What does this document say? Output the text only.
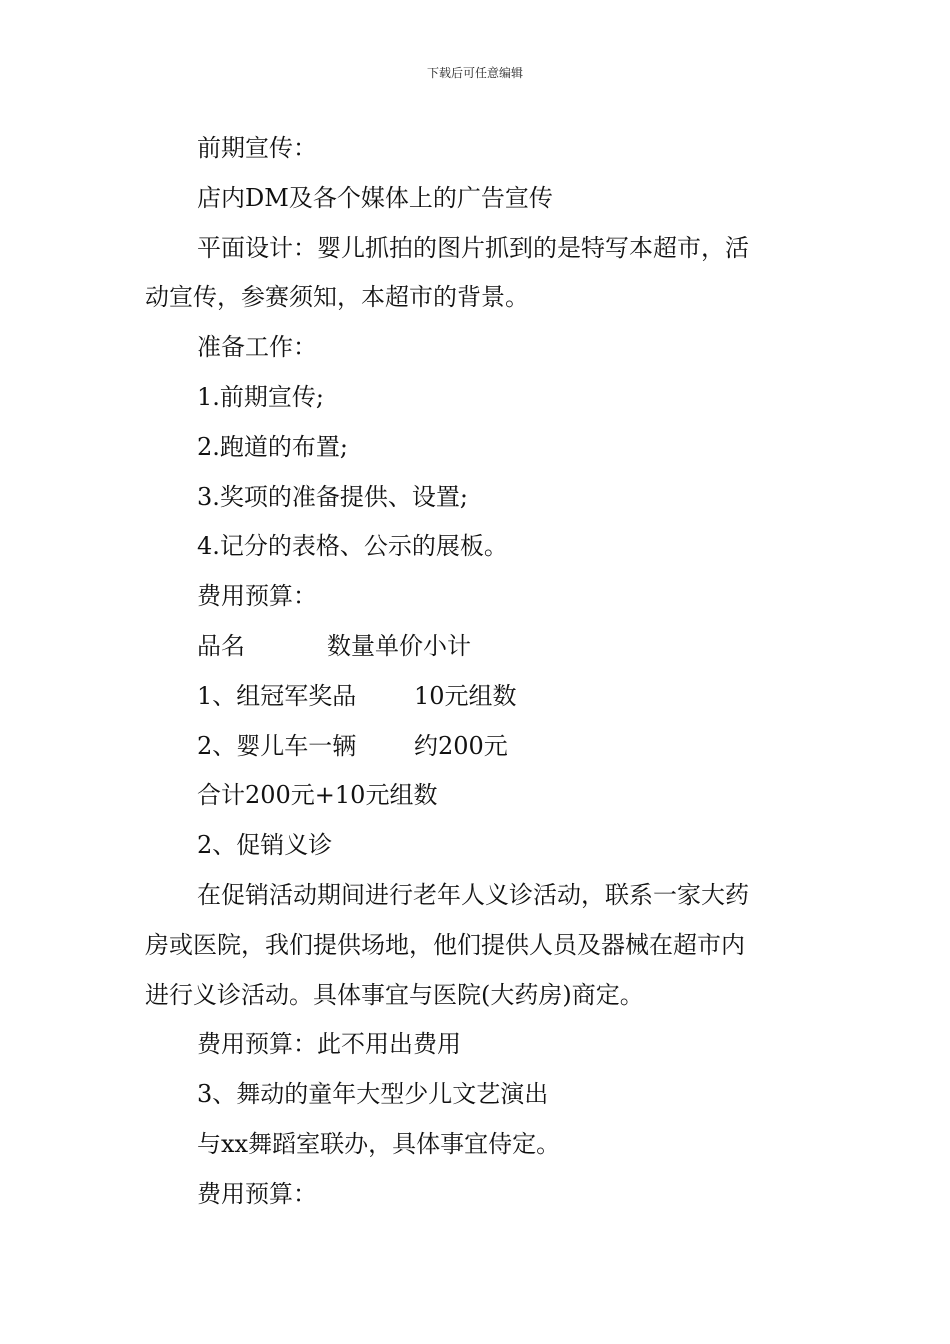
下载后可任意编辑
前期宣传：
店内DM及各个媒体上的广告宣传
平面设计：婴儿抓拍的图片抓到的是特写本超市，活
动宣传，参赛须知，本超市的背景。
准备工作：
1.前期宣传;
2.跑道的布置;
3.奖项的准备提供、设置;
4.记分的表格、公示的展板。
费用预算：
品名	数量单价小计
1、组冠军奖品	10元组数
2、婴儿车一辆	约200元
合计200元+10元组数
2、促销义诊
在促销活动期间进行老年人义诊活动，联系一家大药
房或医院，我们提供场地，他们提供人员及器械在超市内
进行义诊活动。具体事宜与医院(大药房)商定。
费用预算：此不用出费用
3、舞动的童年大型少儿文艺演出
与xx舞蹈室联办，具体事宜侍定。
费用预算：
